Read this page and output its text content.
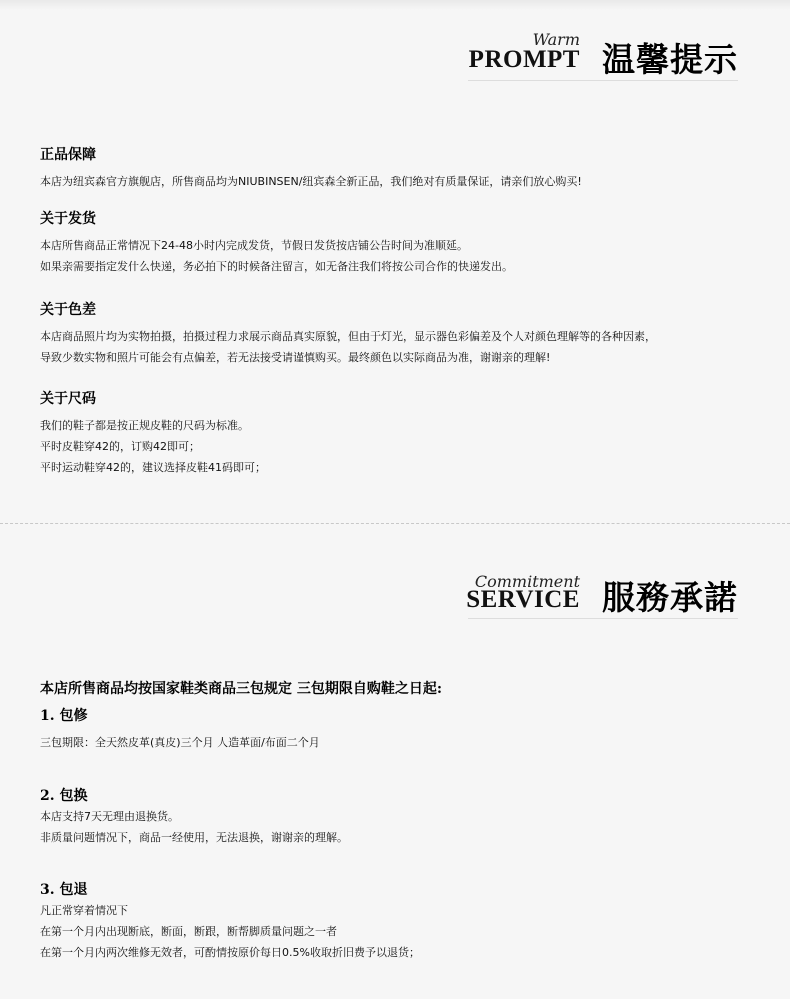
Warm
PROMPT 温馨提示
正品保障
本店为纽宾森官方旗舰店，所售商品均为NIUBINSEN/纽宾森全新正品，我们绝对有质量保证，请亲们放心购买!
关于发货
本店所售商品正常情况下24-48小时内完成发货，节假日发货按店铺公告时间为准顺延。
如果亲需要指定发什么快递，务必拍下的时候备注留言，如无备注我们将按公司合作的快递发出。
关于色差
本店商品照片均为实物拍摄，拍摄过程力求展示商品真实原貌，但由于灯光，显示器色彩偏差及个人对颜色理解等的各种因素，
导致少数实物和照片可能会有点偏差，若无法接受请谨慎购买。最终颜色以实际商品为准，谢谢亲的理解!
关于尺码
我们的鞋子都是按正规皮鞋的尺码为标准。
平时皮鞋穿42的，订购42即可；
平时运动鞋穿42的，建议选择皮鞋41码即可；
Commitment
SERVICE 服務承諾
本店所售商品均按国家鞋类商品三包规定 三包期限自购鞋之日起:
1. 包修
三包期限：全天然皮革(真皮)三个月 人造革面/布面二个月
2. 包换
本店支持7天无理由退换货。
非质量问题情况下，商品一经使用，无法退换，谢谢亲的理解。
3. 包退
凡正常穿着情况下
在第一个月内出现断底，断面，断跟，断帮脚质量问题之一者
在第一个月内两次维修无效者，可酌情按原价每日0.5%收取折旧费予以退货；
